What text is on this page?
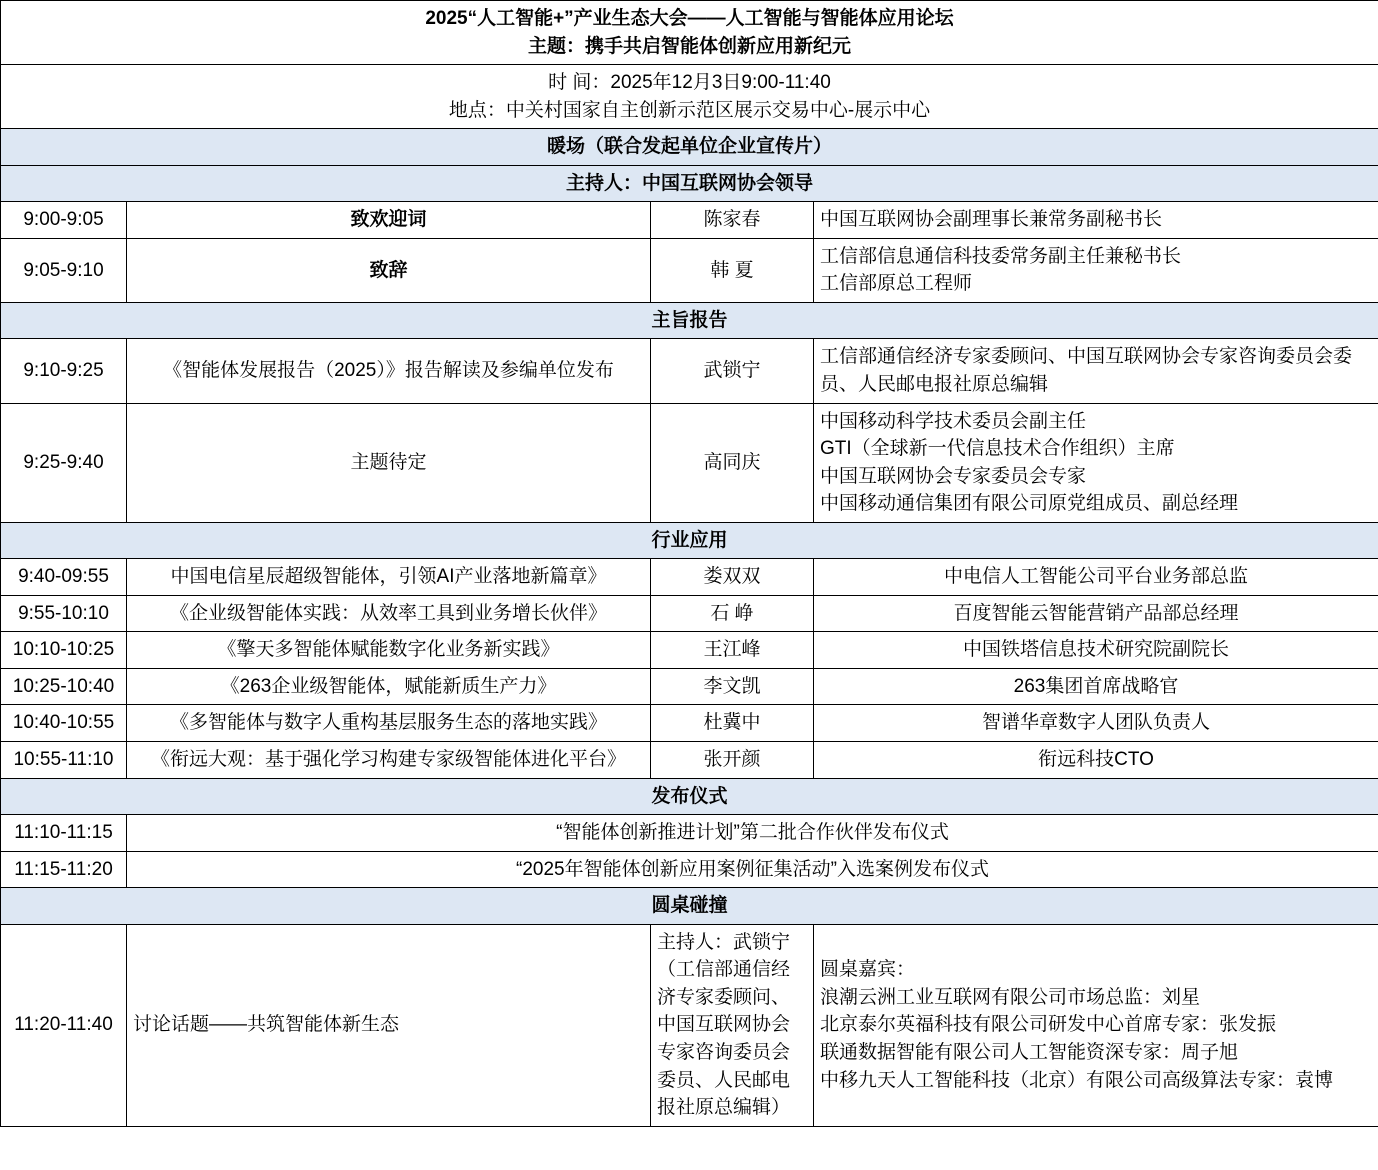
2025“人工智能+”产业生态大会——人工智能与智能体应用论坛
主题：携手共启智能体创新应用新纪元			

时 间：2025年12月3日9:00-11:40
地点：中关村国家自主创新示范区展示交易中心-展示中心			

暖场（联合发起单位企业宣传片）			
主持人：中国互联网协会领导			
9:00-9:05	致欢迎词	陈家春	中国互联网协会副理事长兼常务副秘书长

9:05-9:10	致辞	韩 夏	工信部信息通信科技委常务副主任兼秘书长
工信部原总工程师

主旨报告			
9:10-9:25	《智能体发展报告（2025）》报告解读及参编单位发布	武锁宁	工信部通信经济专家委顾问、中国互联网协会专家咨询委员会委员、人民邮电报社原总编辑
9:25-9:40	主题待定	高同庆	中国移动科学技术委员会副主任
GTI（全球新一代信息技术合作组织）主席
中国互联网协会专家委员会专家
中国移动通信集团有限公司原党组成员、副总经理

行业应用			
9:40-09:55	中国电信星辰超级智能体，引领AI产业落地新篇章》	娄双双	中电信人工智能公司平台业务部总监
9:55-10:10	《企业级智能体实践：从效率工具到业务增长伙伴》	石 峥	百度智能云智能营销产品部总经理
10:10-10:25	《擎天多智能体赋能数字化业务新实践》	王江峰	中国铁塔信息技术研究院副院长
10:25-10:40	《263企业级智能体，赋能新质生产力》	李文凯	263集团首席战略官
10:40-10:55	《多智能体与数字人重构基层服务生态的落地实践》	杜冀中	智谱华章数字人团队负责人
10:55-11:10	《衔远大观：基于强化学习构建专家级智能体进化平台》	张开颜	衔远科技CTO
发布仪式			
11:10-11:15	“智能体创新推进计划”第二批合作伙伴发布仪式		
11:15-11:20	“2025年智能体创新应用案例征集活动”入选案例发布仪式		
圆桌碰撞			
11:20-11:40	讨论话题——共筑智能体新生态	主持人：武锁宁（工信部通信经济专家委顾问、中国互联网协会专家咨询委员会委员、人民邮电报社原总编辑）	圆桌嘉宾：
浪潮云洲工业互联网有限公司市场总监：刘星
北京泰尔英福科技有限公司研发中心首席专家：张发振
联通数据智能有限公司人工智能资深专家：周子旭
中移九天人工智能科技（北京）有限公司高级算法专家：袁博
